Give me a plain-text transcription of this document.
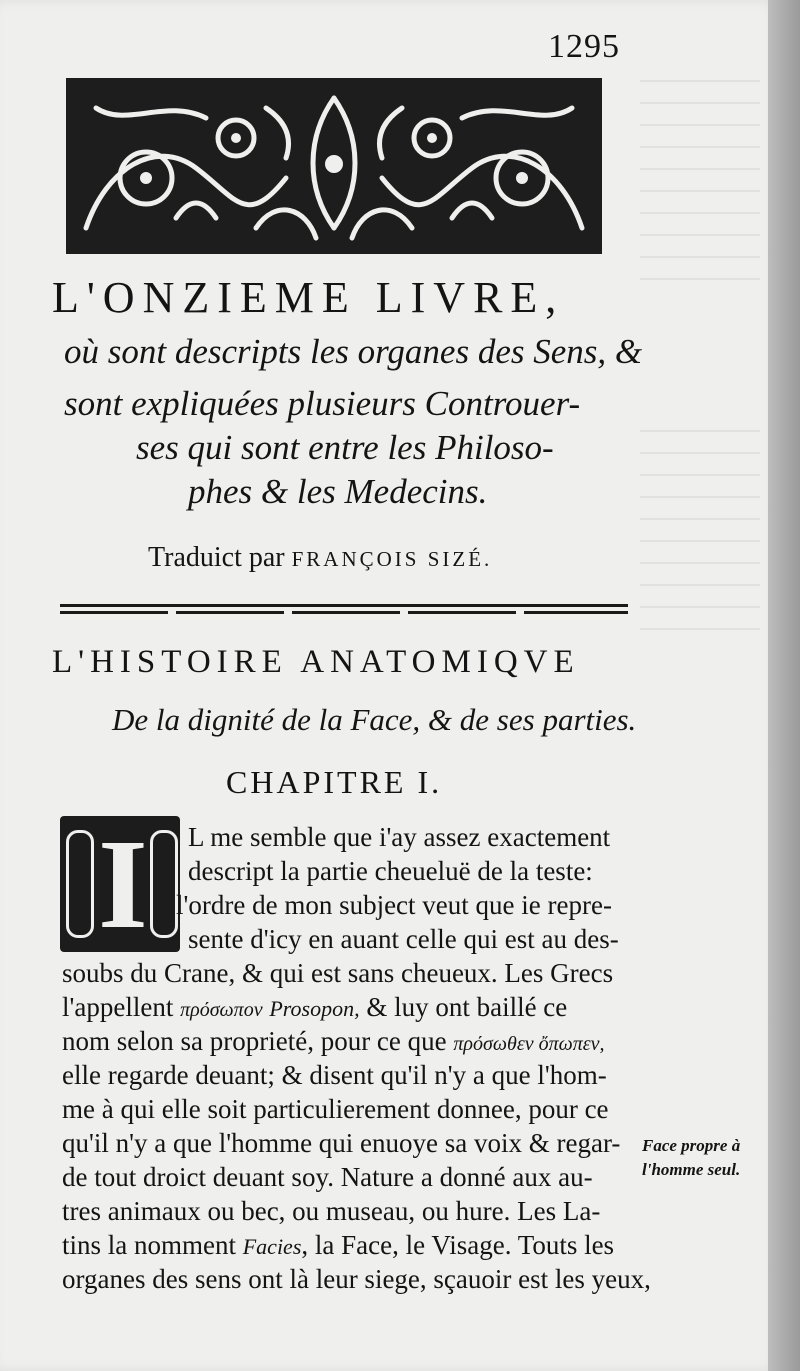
1295
L'ONZIEME LIVRE,
où sont descripts les organes des Sens, &
sont expliquées plusieurs Controuer-
ses qui sont entre les Philoso-
phes & les Medecins.
Traduict par FRANÇOIS SIZÉ.
L'HISTOIRE ANATOMIQVE
De la dignité de la Face, & de ses parties.
CHAPITRE I.
I L me semble que i'ay assez exactement
descript la partie cheueluë de la teste:
l'ordre de mon subject veut que ie repre-
sente d'icy en auant celle qui est au des-
soubs du Crane, & qui est sans cheueux. Les Grecs
l'appellent πρόσωπον Prosopon, & luy ont baillé ce
nom selon sa proprieté, pour ce que πρόσωθεν ὄπωπεν,
elle regarde deuant; & disent qu'il n'y a que l'hom-
me à qui elle soit particulierement donnee, pour ce
qu'il n'y a que l'homme qui enuoye sa voix & regar-
de tout droict deuant soy. Nature a donné aux au-
tres animaux ou bec, ou museau, ou hure. Les La-
tins la nomment Facies, la Face, le Visage. Touts les
organes des sens ont là leur siege, sçauoir est les yeux,
Face propre à
l'homme seul.
